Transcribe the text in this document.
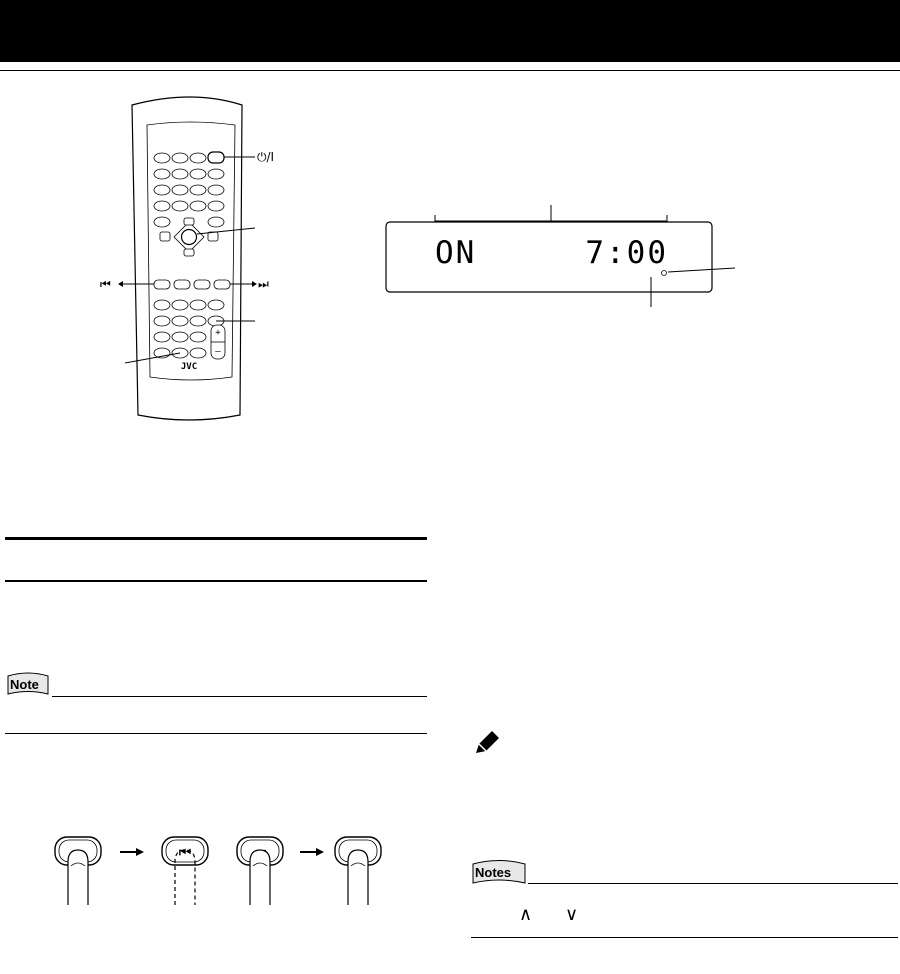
+
–
JVC
⏻/I
⏮	⏭
ON	7:00
Note
⏮
Notes
∧ ∨
